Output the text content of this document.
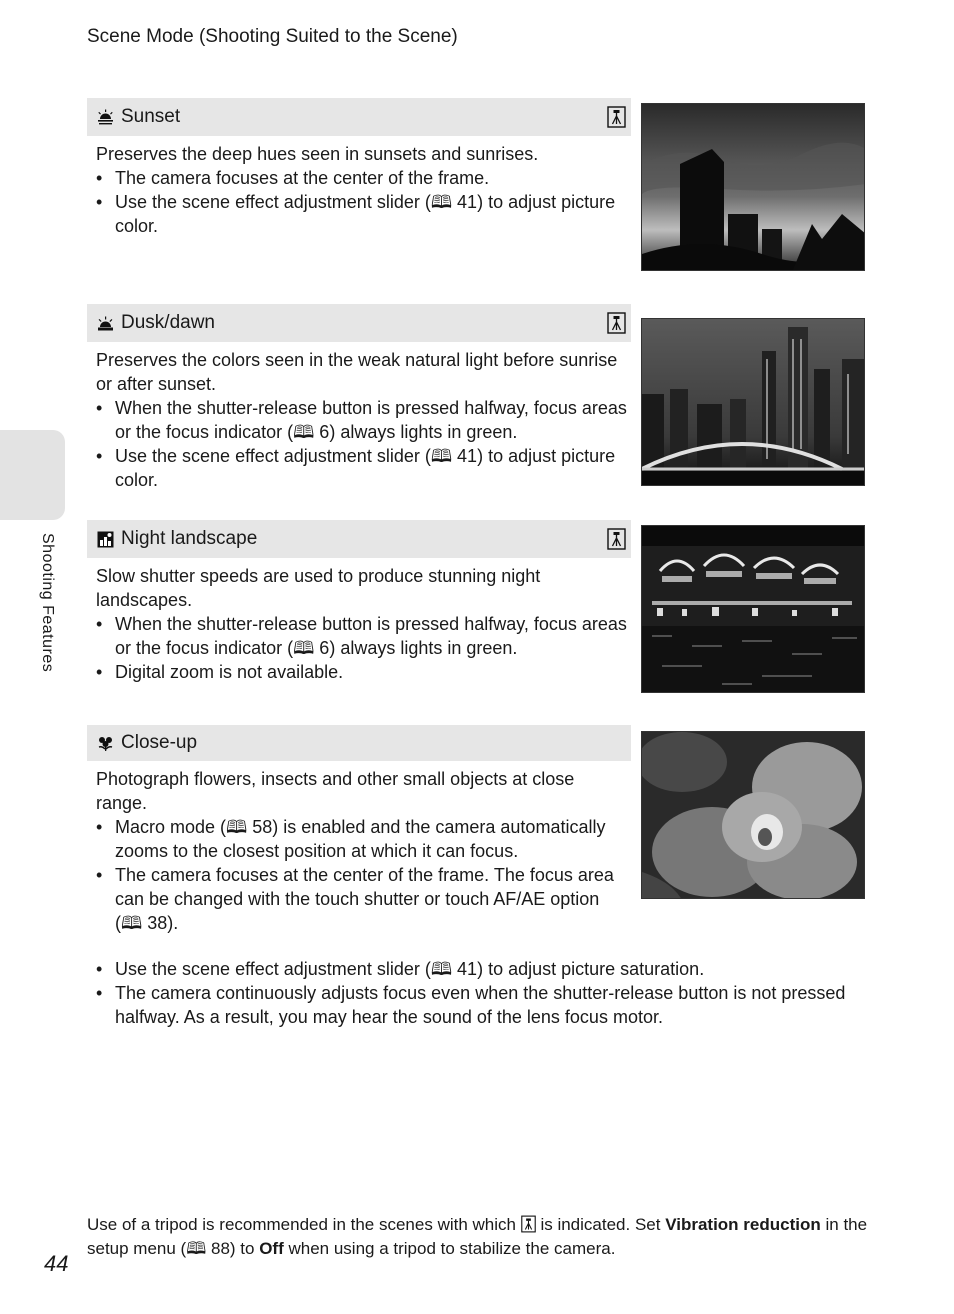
Scene Mode (Shooting Suited to the Scene)
Shooting Features
Sunset

Preserves the deep hues seen in sunsets and sunrises.

• The camera focuses at the center of the frame.
• Use the scene effect adjustment slider (🕮 41) to adjust picture color.
Dusk/dawn

Preserves the colors seen in the weak natural light before sunrise or after sunset.

• When the shutter-release button is pressed halfway, focus areas or the focus indicator (🕮 6) always lights in green.
• Use the scene effect adjustment slider (🕮 41) to adjust picture color.
Night landscape

Slow shutter speeds are used to produce stunning night landscapes.

• When the shutter-release button is pressed halfway, focus areas or the focus indicator (🕮 6) always lights in green.
• Digital zoom is not available.
Close-up

Photograph flowers, insects and other small objects at close range.

• Macro mode (🕮 58) is enabled and the camera automatically zooms to the closest position at which it can focus.
• The camera focuses at the center of the frame. The focus area can be changed with the touch shutter or touch AF/AE option (🕮 38).
• Use the scene effect adjustment slider (🕮 41) to adjust picture saturation.
• The camera continuously adjusts focus even when the shutter-release button is not pressed halfway. As a result, you may hear the sound of the lens focus motor.
Use of a tripod is recommended in the scenes with which is indicated. Set Vibration reduction in the setup menu (🕮 88) to Off when using a tripod to stabilize the camera.
44
